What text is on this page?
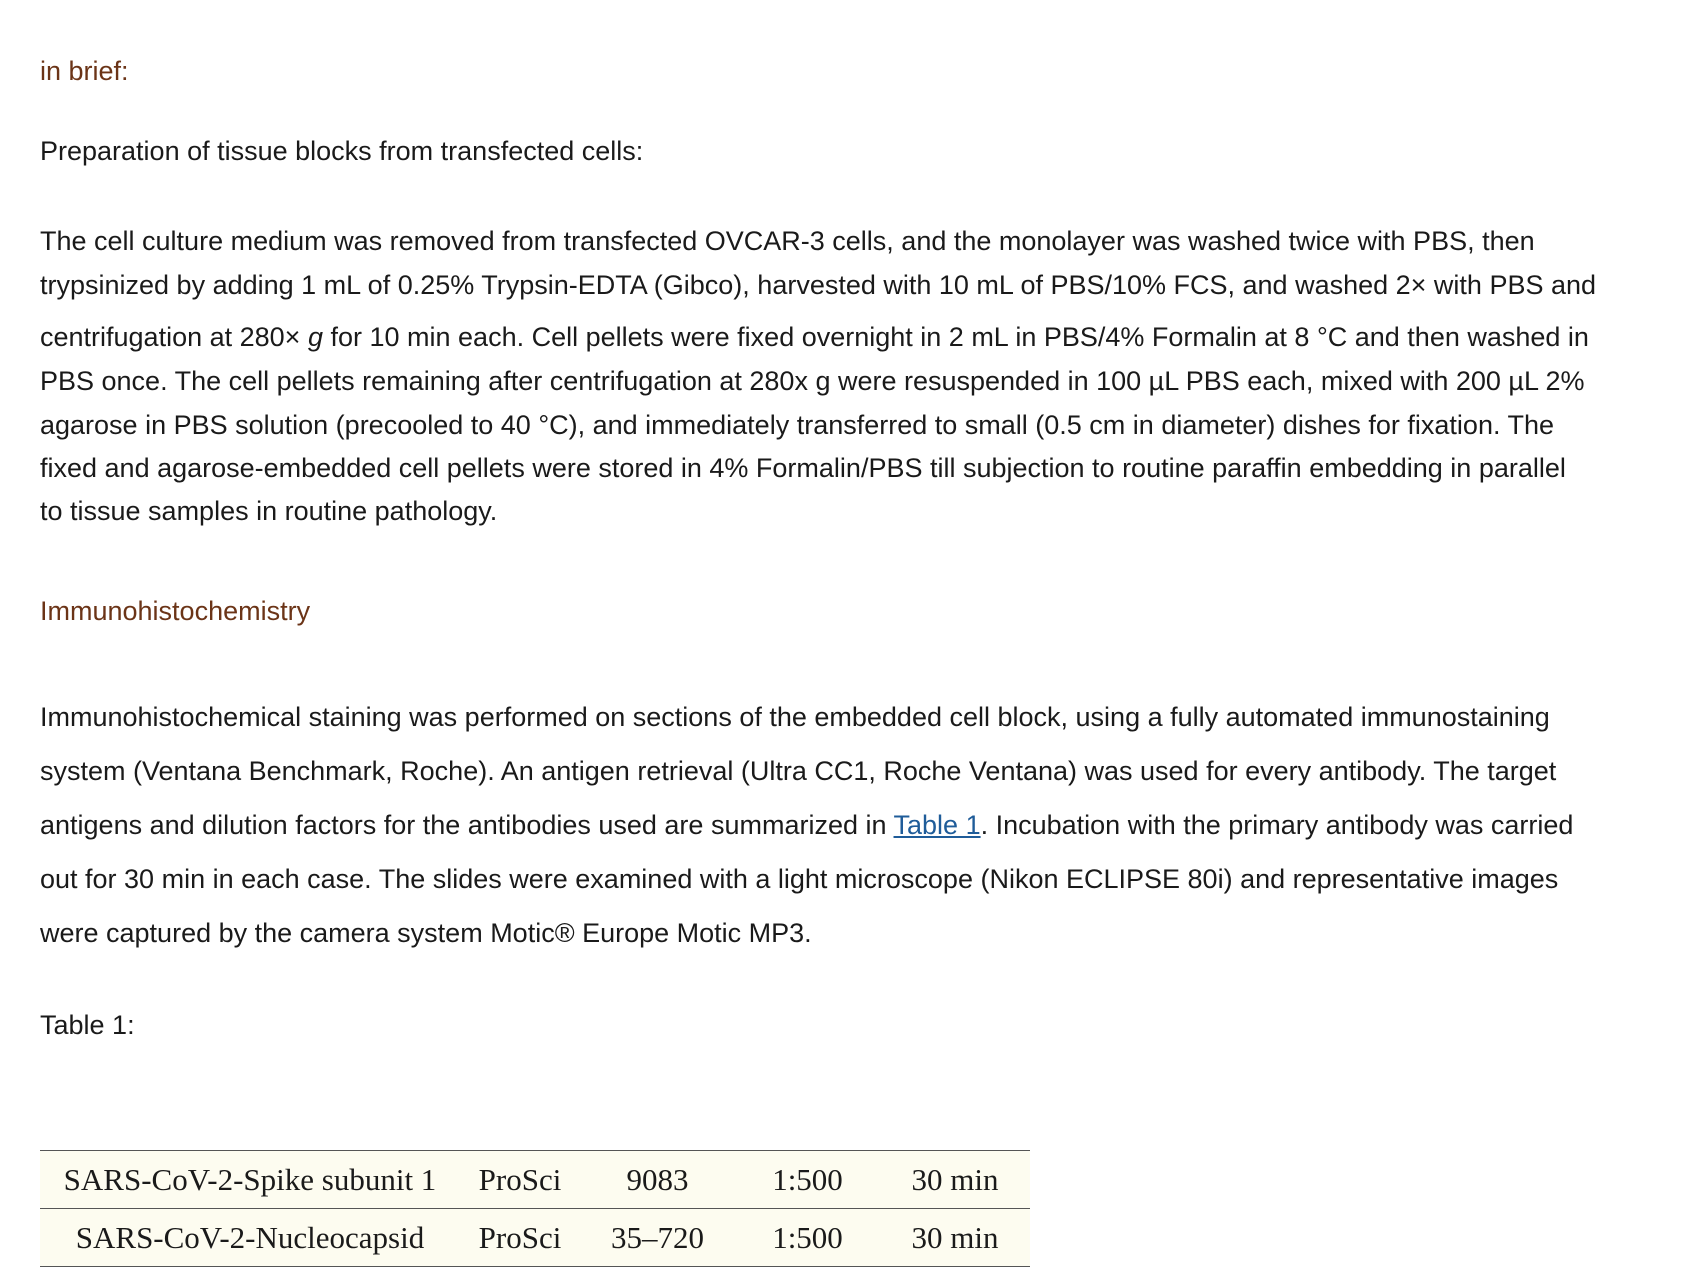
in brief:

Preparation of tissue blocks from transfected cells:

The cell culture medium was removed from transfected OVCAR-3 cells, and the monolayer was washed twice with PBS, then

trypsinized by adding 1 mL of 0.25% Trypsin-EDTA (Gibco), harvested with 10 mL of PBS/10% FCS, and washed 2× with PBS and

centrifugation at 280× g for 10 min each. Cell pellets were fixed overnight in 2 mL in PBS/4% Formalin at 8 °C and then washed in

PBS once. The cell pellets remaining after centrifugation at 280x g were resuspended in 100 µL PBS each, mixed with 200 µL 2%

agarose in PBS solution (precooled to 40 °C), and immediately transferred to small (0.5 cm in diameter) dishes for fixation. The

fixed and agarose-embedded cell pellets were stored in 4% Formalin/PBS till subjection to routine paraffin embedding in parallel

to tissue samples in routine pathology.

Immunohistochemistry

Immunohistochemical staining was performed on sections of the embedded cell block, using a fully automated immunostaining

system (Ventana Benchmark, Roche). An antigen retrieval (Ultra CC1, Roche Ventana) was used for every antibody. The target

antigens and dilution factors for the antibodies used are summarized in Table 1. Incubation with the primary antibody was carried

out for 30 min in each case. The slides were examined with a light microscope (Nikon ECLIPSE 80i) and representative images

were captured by the camera system Motic® Europe Motic MP3.

Table 1:

SARS-CoV-2-Spike subunit 1	ProSci	9083	1:500	30 min
SARS-CoV-2-Nucleocapsid	ProSci	35–720	1:500	30 min
